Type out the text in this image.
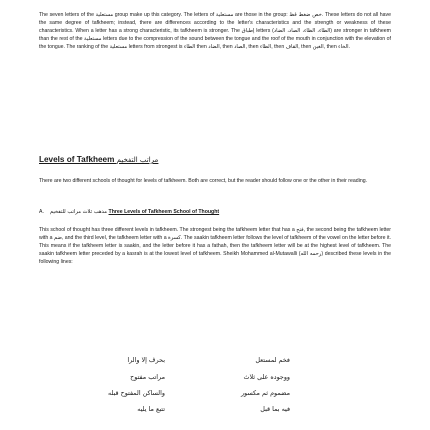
The seven letters of the مستعلية group make up this category. The letters of مستعلية are those in the group: خص ضغط قظ. These letters do not all have the same degree of tafkheem; instead, there are differences according to the letter's characteristics and the strength or weakness of these characteristics. When a letter has a strong characteristic, its tafkheem is stronger. The إطباق letters (الطاء، الظاء، الصاد، الضاد) are stronger in tafkheem than the rest of the مستعلية letters due to the compression of the sound between the tongue and the roof of the mouth in conjunction with the elevation of the tongue. The ranking of the مستعلية letters from strongest is الطاء then الضاد, then الصاد, then الظاء, then القاف, then الغين, then الخاء.

Levels of Tafkheem مراتب التفخيم

There are two different schools of thought for levels of tafkheem. Both are correct, but the reader should follow one or the other in their reading.

A. مذهب ثلاث مراتب للتفخيم Three Levels of Tafkheem School of Thought

This school of thought has three different levels in tafkheem. The strongest being the tafkheem letter that has a فتح, the second being the tafkheem letter with a ضم, and the third level, the tafkheem letter with a كسرة. The saakin tafkheem letter follows the level of tafkheem of the vowel on the letter before it. This means if the tafkheem letter is saakin, and the letter before it has a fathah, then the tafkheem letter will be at the highest level of tafkheem. The saakin tafkheem letter preceded by a kasrah is at the lowest level of tafkheem. Sheikh Mohammed al-Mutawalli (رحمه الله) described these levels in the following lines:

فخم لمستعل
بحرف إلا والرا
ووجوده على ثلاث
مراتب مفتوح
مضموم ثم مكسور
والساكن المفتوح قبله
فيه بما قبل
تتبع ما يليه
